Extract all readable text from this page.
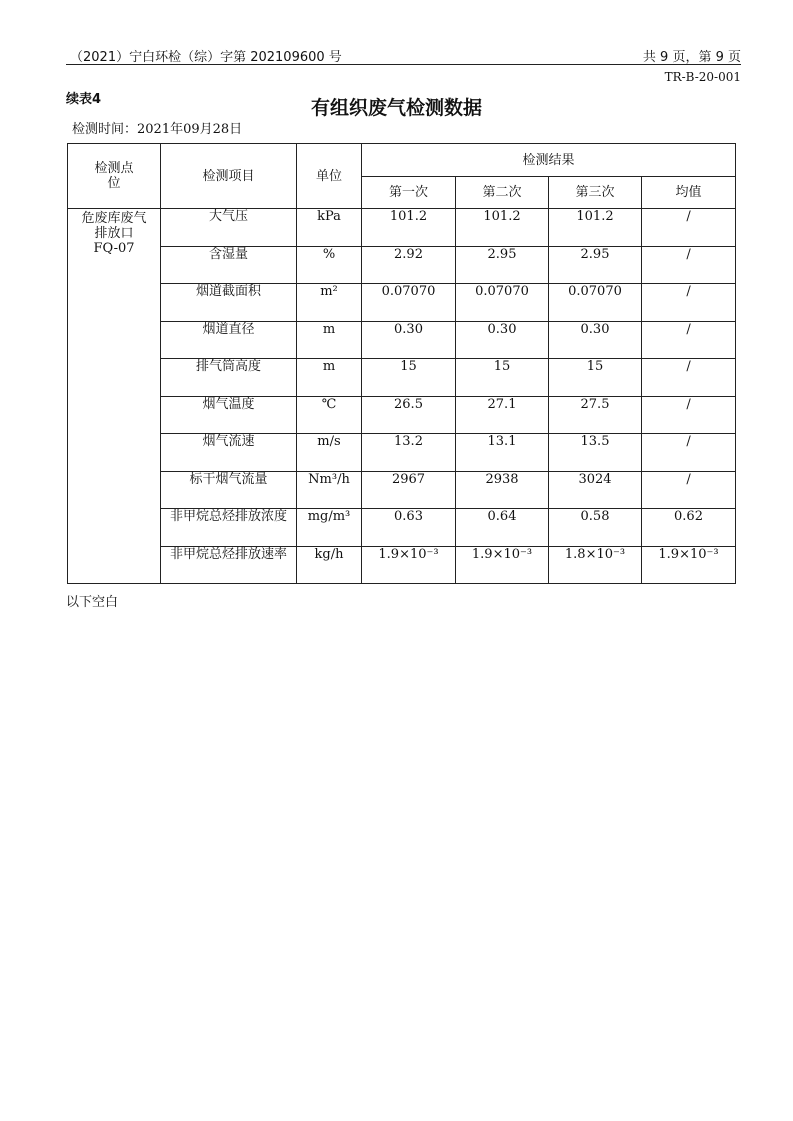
（2021）宁白环检（综）字第 202109600 号	共 9 页，第 9 页
TR-B-20-001
续表4	有组织废气检测数据
检测时间：2021年09月28日
检测点位	检测项目	单位	检测结果			
			第一次	第二次	第三次	均值

危废库废气
排放口
FQ-07	大气压	kPa	101.2	101.2	101.2	/
	含湿量	%	2.92	2.95	2.95	/
	烟道截面积	m²	0.07070	0.07070	0.07070	/
	烟道直径	m	0.30	0.30	0.30	/
	排气筒高度	m	15	15	15	/
	烟气温度	℃	26.5	27.1	27.5	/
	烟气流速	m/s	13.2	13.1	13.5	/
	标干烟气流量	Nm³/h	2967	2938	3024	/
	非甲烷总烃排放浓度	mg/m³	0.63	0.64	0.58	0.62
	非甲烷总烃排放速率	kg/h	1.9×10⁻³	1.9×10⁻³	1.8×10⁻³	1.9×10⁻³
以下空白
